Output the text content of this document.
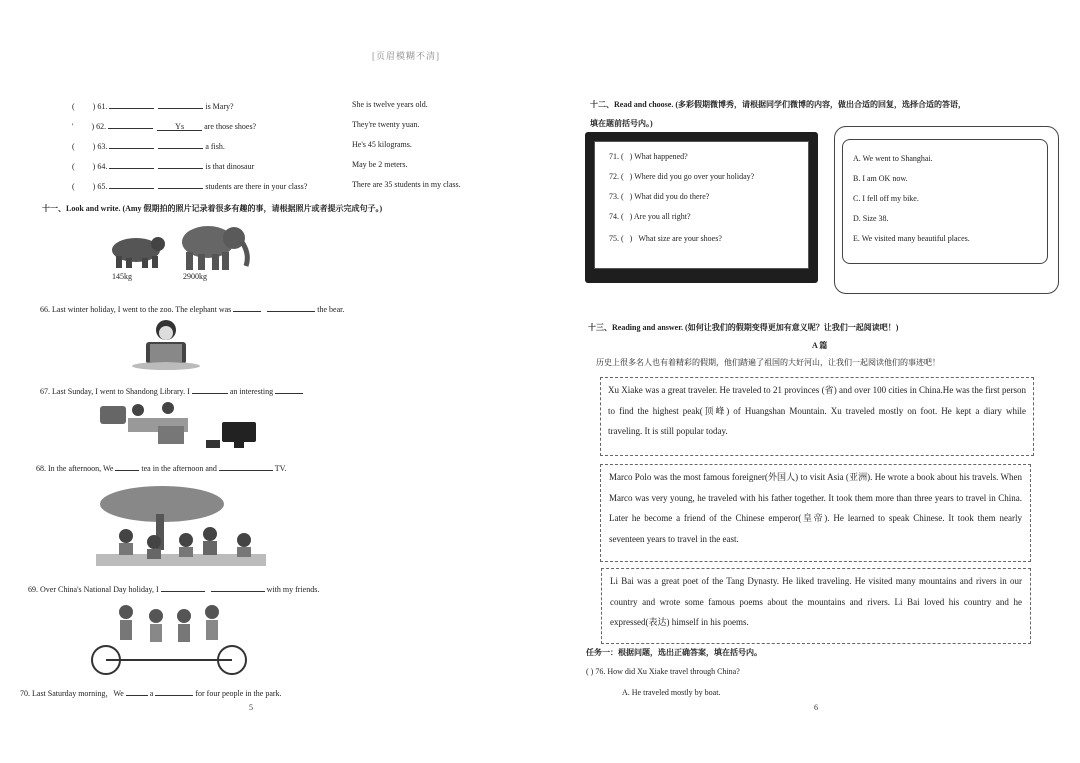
[页眉模糊不清]
( ) 61.	is Mary?	She is twelve years old.
' ) 62.	Ys	are those shoes?	They're twenty yuan.
( ) 63.	a fish.	He's 45 kilograms.
( ) 64.	is that dinosaur	May be 2 meters.
( ) 65.	students are there in your class?	There are 35 students in my class.
十一、Look and write. (Amy 假期拍的照片记录着很多有趣的事，请根据照片或者提示完成句子。)
145kg	2900kg
66. Last winter holiday, I went to the zoo. The elephant was	the bear.
67. Last Sunday, I went to Shandong Library. I	an interesting
68. In the afternoon, We	tea in the afternoon and	TV.
69. Over China's National Day holiday, I	with my friends.
70. Last Saturday morning，We	a	for four people in the park.
5
十二、Read and choose. (多彩假期微博秀，请根据同学们微博的内容，做出合适的回复，选择合适的答语，
填在题前括号内。)
71. ( ) What happened?
72. ( ) Where did you go over your holiday?
73. ( ) What did you do there?
74. ( ) Are you all right?
75. ( ) What size are your shoes?
A. We went to Shanghai.
B. I am OK now.
C. I fell off my bike.
D. Size 38.
E. We visited many beautiful places.
十三、Reading and answer. (如何让我们的假期变得更加有意义呢？让我们一起阅读吧！)
A 篇
历史上很多名人也有着精彩的假期，他们踏遍了祖国的大好河山，让我们一起阅读他们的事迹吧！

Xu Xiake was a great traveler. He traveled to 21 provinces (省) and over 100 cities in China.He was the first person to find the highest peak(顶峰) of Huangshan Mountain. Xu traveled mostly on foot. He kept a diary while traveling. It is still popular today.

Marco Polo was the most famous foreigner(外国人) to visit Asia (亚洲). He wrote a book about his travels. When Marco was very young, he traveled with his father together. It took them more than three years to travel in China. Later he become a friend of the Chinese emperor(皇帝). He learned to speak Chinese. It took them nearly seventeen years to travel in the east.

Li Bai was a great poet of the Tang Dynasty. He liked traveling. He visited many mountains and rivers in our country and wrote some famous poems about the mountains and rivers. Li Bai loved his country and he expressed(表达) himself in his poems.

任务一：根据问题，选出正确答案，填在括号内。
( ) 76. How did Xu Xiake travel through China?
A. He traveled mostly by boat.
6
